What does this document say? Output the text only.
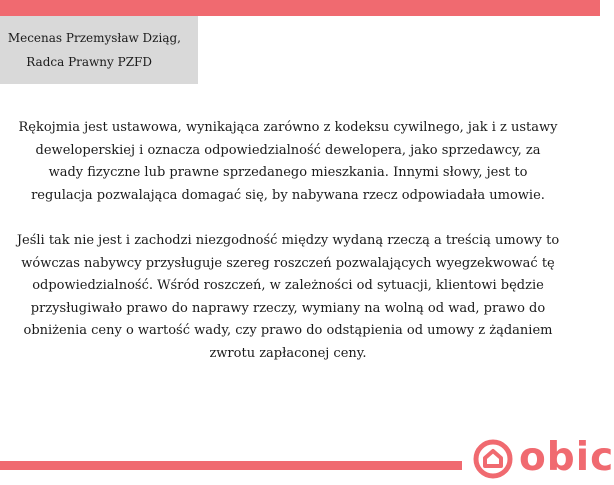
Mecenas Przemysław Dziąg,
Radca Prawny PZFD
Rękojmia jest ustawowa, wynikająca zarówno z kodeksu cywilnego, jak i z ustawy
deweloperskiej i oznacza odpowiedzialność dewelopera, jako sprzedawcy, za
wady fizyczne lub prawne sprzedanego mieszkania. Innymi słowy, jest to
regulacja pozwalająca domagać się, by nabywana rzecz odpowiadała umowie.
Jeśli tak nie jest i zachodzi niezgodność między wydaną rzeczą a treścią umowy to
wówczas nabywcy przysługuje szereg roszczeń pozwalających wyegzekwować tę
odpowiedzialność. Wśród roszczeń, w zależności od sytuacji, klientowi będzie
przysługiwało prawo do naprawy rzeczy, wymiany na wolną od wad, prawo do
obniżenia ceny o wartość wady, czy prawo do odstąpienia od umowy z żądaniem
zwrotu zapłaconej ceny.
obic
